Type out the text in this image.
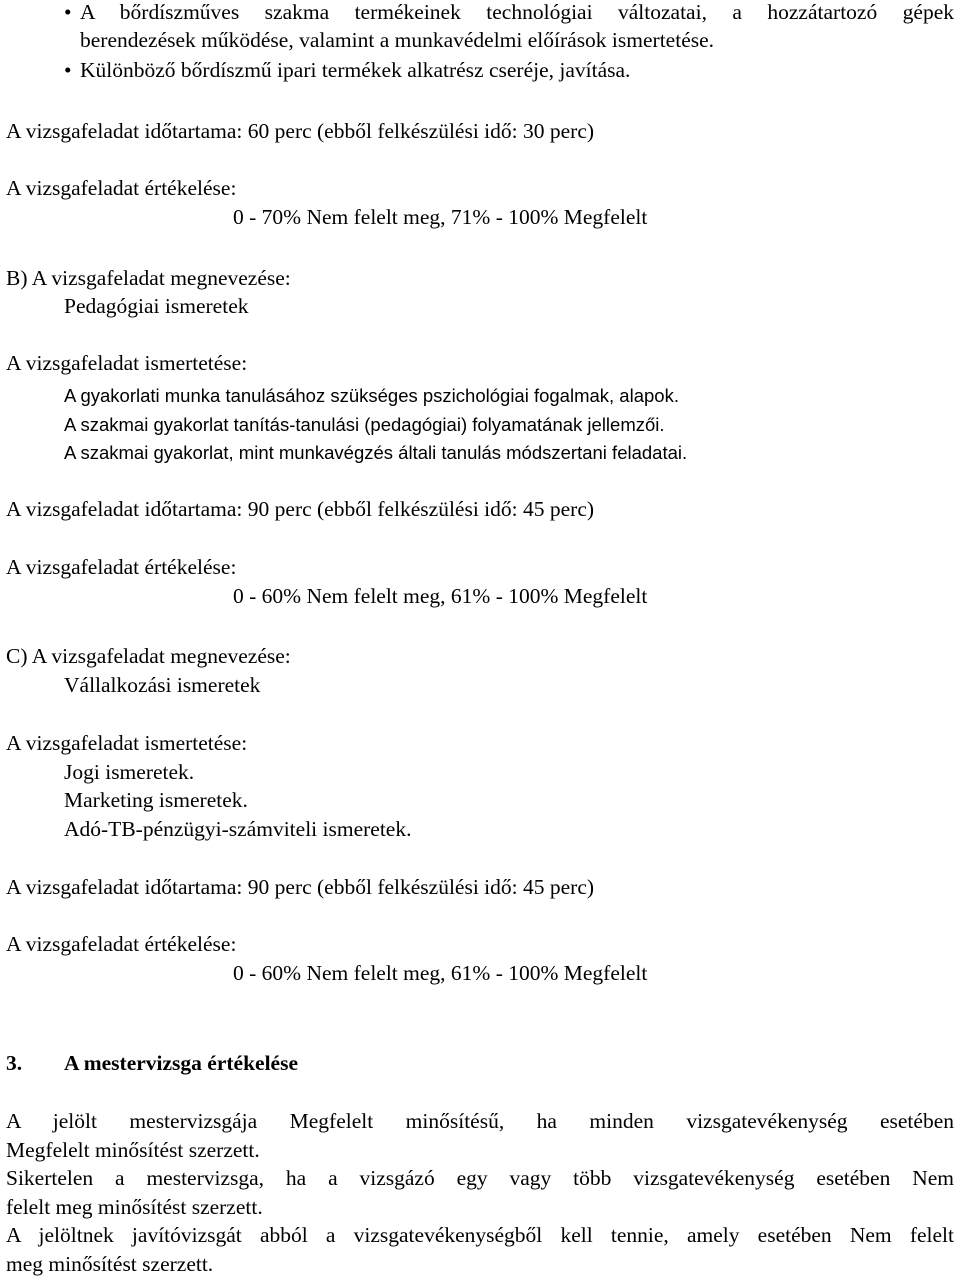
• A bőrdíszműves szakma termékeinek technológiai változatai, a hozzátartozó gépek
berendezések működése, valamint a munkavédelmi előírások ismertetése.
• Különböző bőrdíszmű ipari termékek alkatrész cseréje, javítása.
A vizsgafeladat időtartama: 60 perc (ebből felkészülési idő: 30 perc)
A vizsgafeladat értékelése:
0 - 70% Nem felelt meg, 71% - 100% Megfelelt
B) A vizsgafeladat megnevezése:
Pedagógiai ismeretek
A vizsgafeladat ismertetése:
A gyakorlati munka tanulásához szükséges pszichológiai fogalmak, alapok.
A szakmai gyakorlat tanítás-tanulási (pedagógiai) folyamatának jellemzői.
A szakmai gyakorlat, mint munkavégzés általi tanulás módszertani feladatai.
A vizsgafeladat időtartama: 90 perc (ebből felkészülési idő: 45 perc)
A vizsgafeladat értékelése:
0 - 60% Nem felelt meg, 61% - 100% Megfelelt
C) A vizsgafeladat megnevezése:
Vállalkozási ismeretek
A vizsgafeladat ismertetése:
Jogi ismeretek.
Marketing ismeretek.
Adó-TB-pénzügyi-számviteli ismeretek.
A vizsgafeladat időtartama: 90 perc (ebből felkészülési idő: 45 perc)
A vizsgafeladat értékelése:
0 - 60% Nem felelt meg, 61% - 100% Megfelelt
3. A mestervizsga értékelése
A jelölt mestervizsgája Megfelelt minősítésű, ha minden vizsgatevékenység esetében
Megfelelt minősítést szerzett.
Sikertelen a mestervizsga, ha a vizsgázó egy vagy több vizsgatevékenység esetében Nem
felelt meg minősítést szerzett.
A jelöltnek javítóvizsgát abból a vizsgatevékenységből kell tennie, amely esetében Nem felelt
meg minősítést szerzett.
